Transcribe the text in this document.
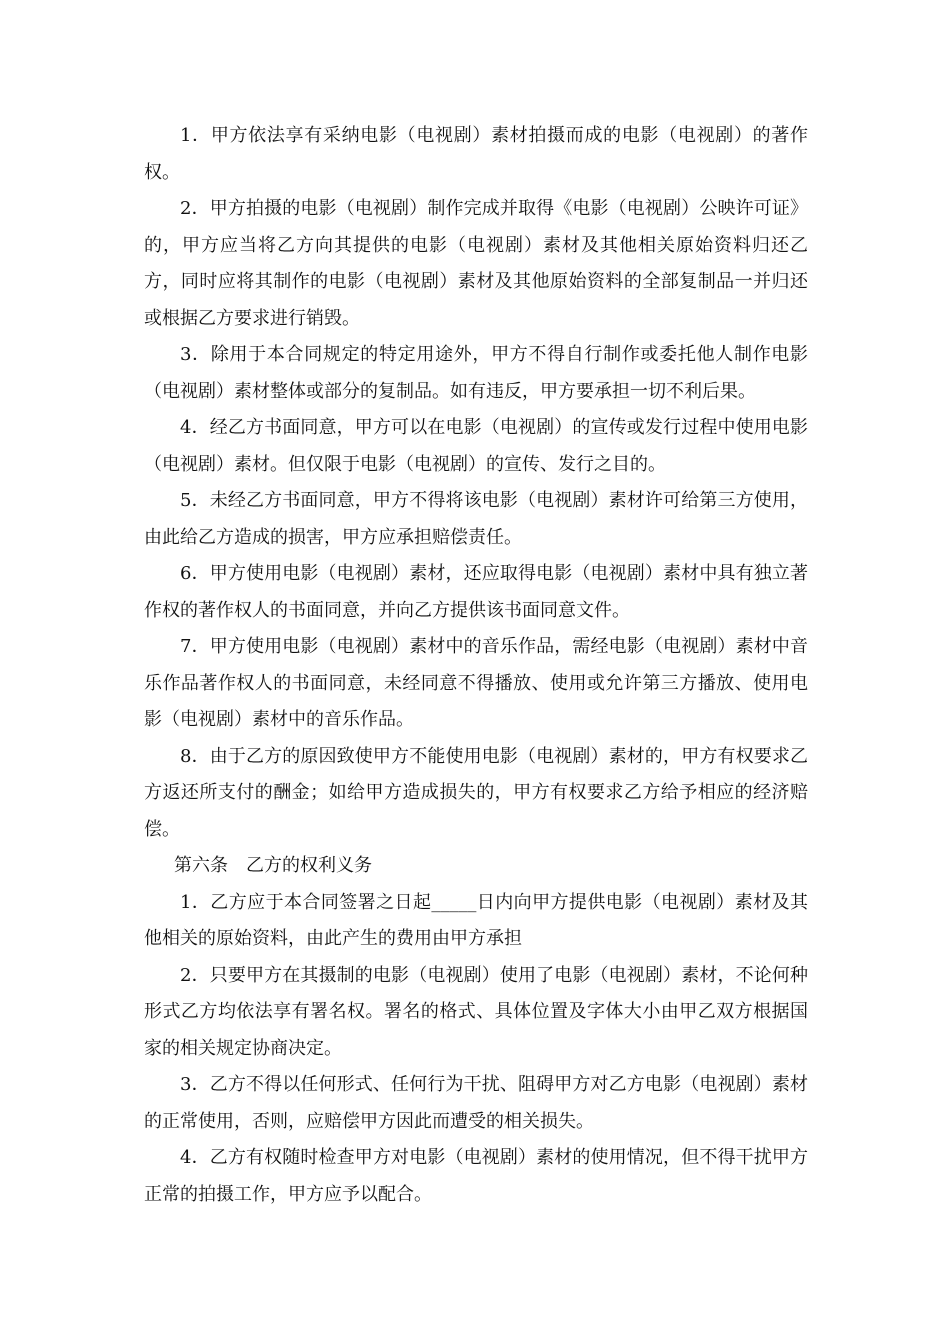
1．甲方依法享有采纳电影（电视剧）素材拍摄而成的电影（电视剧）的著作权。

2．甲方拍摄的电影（电视剧）制作完成并取得《电影（电视剧）公映许可证》的，甲方应当将乙方向其提供的电影（电视剧）素材及其他相关原始资料归还乙方，同时应将其制作的电影（电视剧）素材及其他原始资料的全部复制品一并归还或根据乙方要求进行销毁。

3．除用于本合同规定的特定用途外，甲方不得自行制作或委托他人制作电影（电视剧）素材整体或部分的复制品。如有违反，甲方要承担一切不利后果。

4．经乙方书面同意，甲方可以在电影（电视剧）的宣传或发行过程中使用电影（电视剧）素材。但仅限于电影（电视剧）的宣传、发行之目的。

5．未经乙方书面同意，甲方不得将该电影（电视剧）素材许可给第三方使用，由此给乙方造成的损害，甲方应承担赔偿责任。

6．甲方使用电影（电视剧）素材，还应取得电影（电视剧）素材中具有独立著作权的著作权人的书面同意，并向乙方提供该书面同意文件。

7．甲方使用电影（电视剧）素材中的音乐作品，需经电影（电视剧）素材中音乐作品著作权人的书面同意，未经同意不得播放、使用或允许第三方播放、使用电影（电视剧）素材中的音乐作品。

8．由于乙方的原因致使甲方不能使用电影（电视剧）素材的，甲方有权要求乙方返还所支付的酬金；如给甲方造成损失的，甲方有权要求乙方给予相应的经济赔偿。

第六条　乙方的权利义务

1．乙方应于本合同签署之日起_____日内向甲方提供电影（电视剧）素材及其他相关的原始资料，由此产生的费用由甲方承担

2．只要甲方在其摄制的电影（电视剧）使用了电影（电视剧）素材，不论何种形式乙方均依法享有署名权。署名的格式、具体位置及字体大小由甲乙双方根据国家的相关规定协商决定。

3．乙方不得以任何形式、任何行为干扰、阻碍甲方对乙方电影（电视剧）素材的正常使用，否则，应赔偿甲方因此而遭受的相关损失。

4．乙方有权随时检查甲方对电影（电视剧）素材的使用情况，但不得干扰甲方正常的拍摄工作，甲方应予以配合。
